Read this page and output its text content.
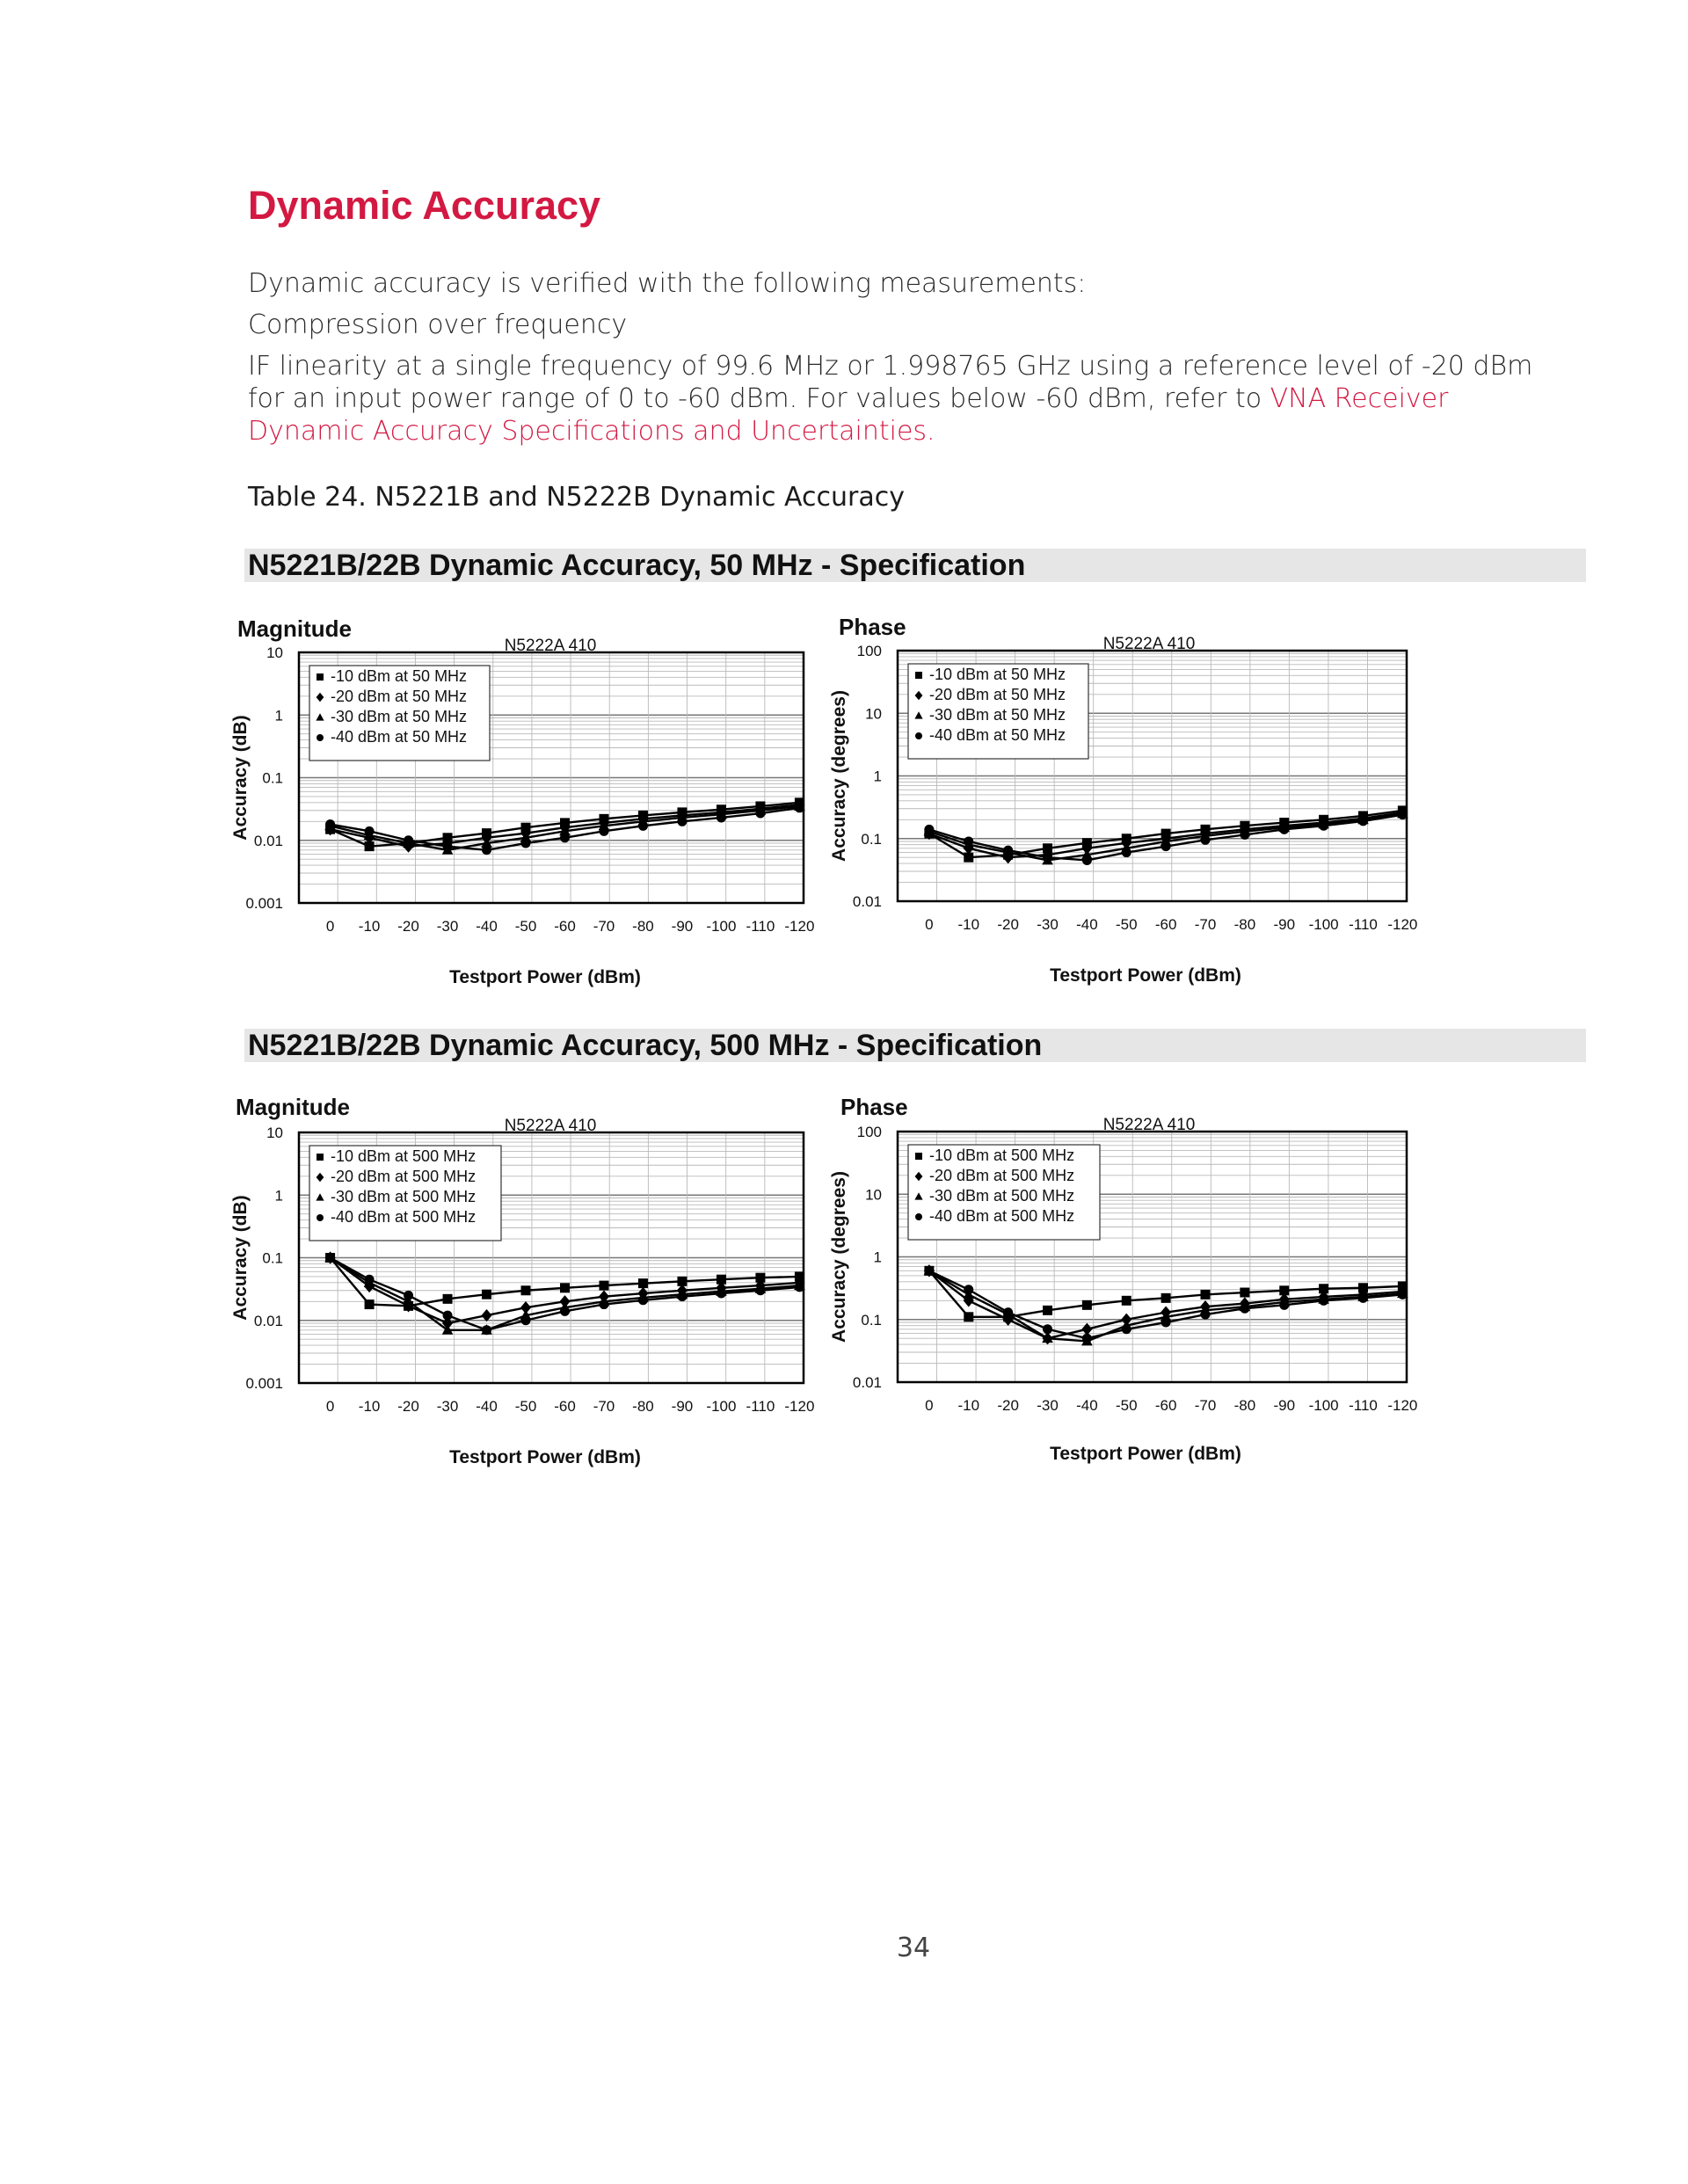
Dynamic Accuracy

Dynamic accuracy is verified with the following measurements:

Compression over frequency

IF linearity at a single frequency of 99.6 MHz or 1.998765 GHz using a reference level of -20 dBm for an input power range of 0 to -60 dBm. For values below -60 dBm, refer to VNA Receiver Dynamic Accuracy Specifications and Uncertainties.

Table 24. N5221B and N5222B Dynamic Accuracy

N5221B/22B Dynamic Accuracy, 50 MHz - Specification
N5221B/22B Dynamic Accuracy, 500 MHz - Specification
Magnitude
N5222A 410
10
1
0.1
0.01
0.001
0 -10 -20 -30 -40 -50 -60 -70 -80 -90 -100 -110 -120
Testport Power (dBm)
Accuracy (dB)
-10 dBm at 50 MHz
-20 dBm at 50 MHz
-30 dBm at 50 MHz
-40 dBm at 50 MHz
Phase
N5222A 410
100
10
1
0.1
0.01
0 -10 -20 -30 -40 -50 -60 -70 -80 -90 -100 -110 -120
Testport Power (dBm)
Accuracy (degrees)
-10 dBm at 50 MHz
-20 dBm at 50 MHz
-30 dBm at 50 MHz
-40 dBm at 50 MHz
Magnitude
N5222A 410
10
1
0.1
0.01
0.001
0 -10 -20 -30 -40 -50 -60 -70 -80 -90 -100 -110 -120
Testport Power (dBm)
Accuracy (dB)
-10 dBm at 500 MHz
-20 dBm at 500 MHz
-30 dBm at 500 MHz
-40 dBm at 500 MHz
Phase
N5222A 410
100
10
1
0.1
0.01
0 -10 -20 -30 -40 -50 -60 -70 -80 -90 -100 -110 -120
Testport Power (dBm)
Accuracy (degrees)
-10 dBm at 500 MHz
-20 dBm at 500 MHz
-30 dBm at 500 MHz
-40 dBm at 500 MHz
34
